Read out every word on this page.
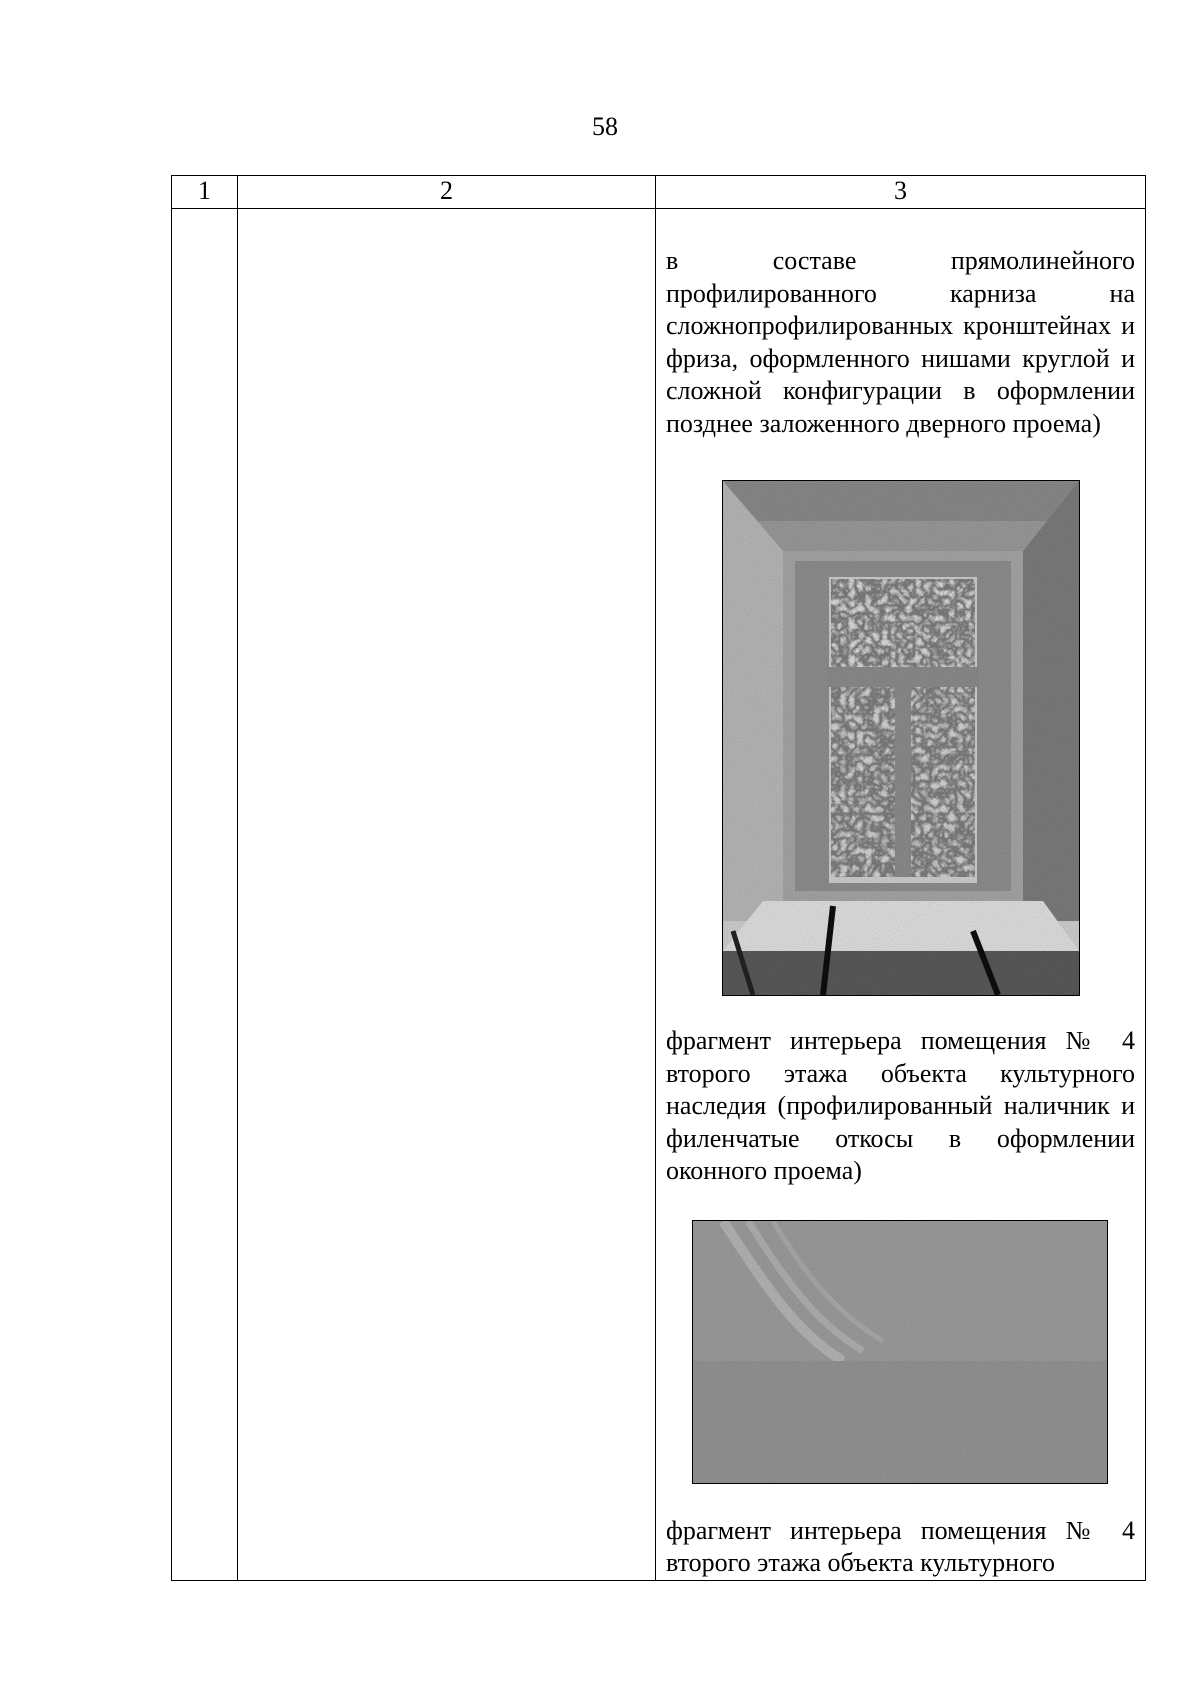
58
1	2	3

		в составе прямолинейного профилированного карниза на сложнопрофилированных кронштейнах и фриза, оформленного нишами круглой и сложной конфигурации в оформлении позднее заложенного дверного проема)

фрагмент интерьера помещения № 4 второго этажа объекта культурного наследия (профилированный наличник и филенчатые откосы в оформлении оконного проема)

фрагмент интерьера помещения № 4 второго этажа объекта культурного
